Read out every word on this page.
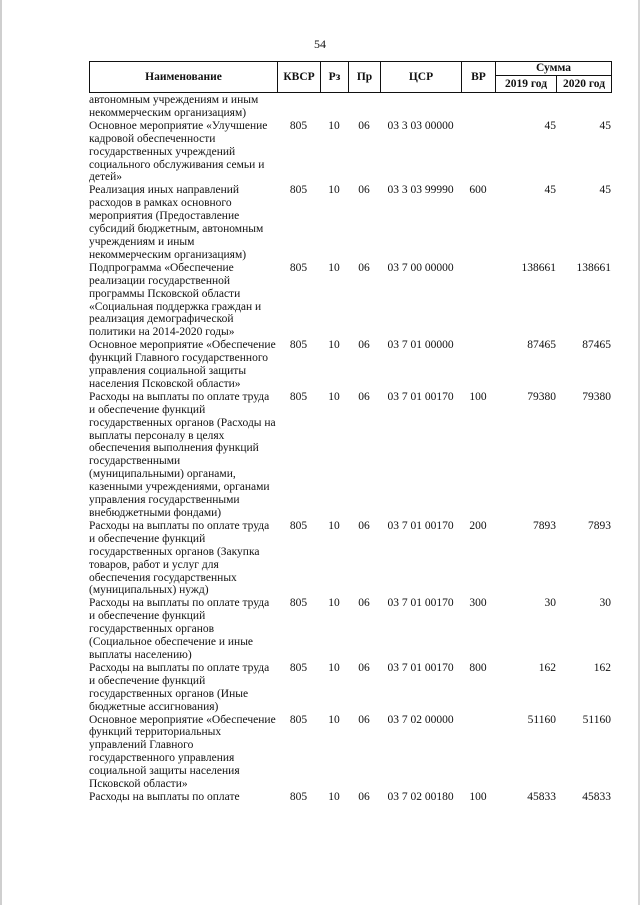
54
Наименование	КВСР	Рз	Пр	ЦСР	ВР	Сумма	
						2019 год	2020 год
автономным учреждениям и иным некоммерческим организациям)							
Основное мероприятие «Улучшение кадровой обеспеченности государственных учреждений социального обслуживания семьи и детей»	805	10	06	03 3 03 00000		45	45
Реализация иных направлений расходов в рамках основного мероприятия (Предоставление субсидий бюджетным, автономным учреждениям и иным некоммерческим организациям)	805	10	06	03 3 03 99990	600	45	45
Подпрограмма «Обеспечение реализации государственной программы Псковской области «Социальная поддержка граждан и реализация демографической политики на 2014-2020 годы»	805	10	06	03 7 00 00000		138661	138661
Основное мероприятие «Обеспечение функций Главного государственного управления социальной защиты населения Псковской области»	805	10	06	03 7 01 00000		87465	87465
Расходы на выплаты по оплате труда и обеспечение функций государственных органов (Расходы на выплаты персоналу в целях обеспечения выполнения функций государственными (муниципальными) органами, казенными учреждениями, органами управления государственными внебюджетными фондами)	805	10	06	03 7 01 00170	100	79380	79380
Расходы на выплаты по оплате труда и обеспечение функций государственных органов (Закупка товаров, работ и услуг для обеспечения государственных (муниципальных) нужд)	805	10	06	03 7 01 00170	200	7893	7893
Расходы на выплаты по оплате труда и обеспечение функций государственных органов (Социальное обеспечение и иные выплаты населению)	805	10	06	03 7 01 00170	300	30	30
Расходы на выплаты по оплате труда и обеспечение функций государственных органов (Иные бюджетные ассигнования)	805	10	06	03 7 01 00170	800	162	162
Основное мероприятие «Обеспечение функций территориальных управлений Главного государственного управления социальной защиты населения Псковской области»	805	10	06	03 7 02 00000		51160	51160
Расходы на выплаты по оплате	805	10	06	03 7 02 00180	100	45833	45833
